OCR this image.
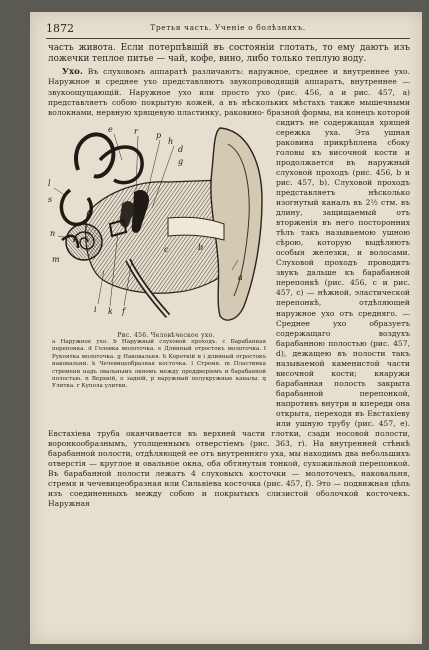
1872	Третья часть. Ученiе о болѣзняхъ.

часть живота. Если потерпѣвшiй въ состоянiи глотать, то ему даютъ изъ ложечки теплое питье — чай, кофе, вино, либо только теплую воду.

Ухо. Въ слуховомъ аппаратѣ различаютъ: наружное, среднее и внутреннее ухо. Наружное и среднее ухо представляютъ звукопроводящiй аппаратъ, внутреннее — звукоощущающiй. Наружное ухо или просто ухо (рис. 456, a и рис. 457, a) представляетъ собою покрытую кожей, а въ нѣскольких мѣстахъ также мышечными волокнами, нервную хрящевую пластинку, раковино-
e	r p
h
d
g
l
s
n
m
a
b
c
i k f
Рис. 456. Человѣческое ухо.
a Наружное ухо. b Наружный слуховой проходъ. c Барабанная перепонка. d Головка молоточка. e Длинный отростокъ молоточка. f Рукоятка молоточка. g Наковальня. h Короткiй и i длинный отростокъ наковальни. k Чечевицеобразная косточка. l Стремя. m Пластинка стремени надъ овальнымъ окномъ между преддверiемъ и барабанной полостью. n Верхнiй, o заднiй, p наружный полукружные каналы. q Улитка. r Купола улитки.
бразной формы, на конецъ которой сидитъ не содержащая хрящей сережка уха. Эта ушная раковина прикрѣплена сбоку головы къ височной кости и продолжается въ наружный слуховой проходъ (рис. 456, b и рис. 457, b). Слуховой проходъ представляетъ нѣсколько изогнутый каналъ въ 2½ стм. въ длину, защищаемый отъ вторженiя въ него посторонних тѣлъ такъ называемою ушною сѣрою, которую выдѣляютъ особыя железки, и волосами. Слуховой проходъ проводитъ звукъ дальше къ барабанной перепонкѣ (рис. 456, c и рис. 457, c) — нѣжной, эластической перепонкѣ, отдѣляющей наружное ухо отъ средняго. — Среднее ухо образуетъ содержащаго воздухъ барабанною полостью (рис. 457, d), дежащею въ полости такъ называемой каменистой части височной кости; кнаружи барабанная полость закрыта барабанной перепонкой, напротивъ внутри и кпереди она открыта, переходя въ Евстахiеву или ушную трубу (рис. 457, e). Евстахiева труба оканчивается въ верхней части глотки, сзади носовой полости, воронкообразнымъ, утолщеннымъ отверстiемъ (рис. 363, r). На внутренней стѣнкѣ барабанной полости, отдѣляющей ее отъ внутренняго уха, мы находимъ два небольшихъ отверстiя — круглое и овальное окна, оба обтянутыя тонкой, сухожильной перепонкой. Въ барабанной полости лежатъ 4 слуховыхъ косточки — молоточекъ, наковальня, стремя и чечевицеобразная или Сильвiева косточка (рис. 457, f). Это — подвижная цѣпь изъ соединенныхъ между собою и покрытыхъ слизистой оболочкой косточекъ. Наружная
